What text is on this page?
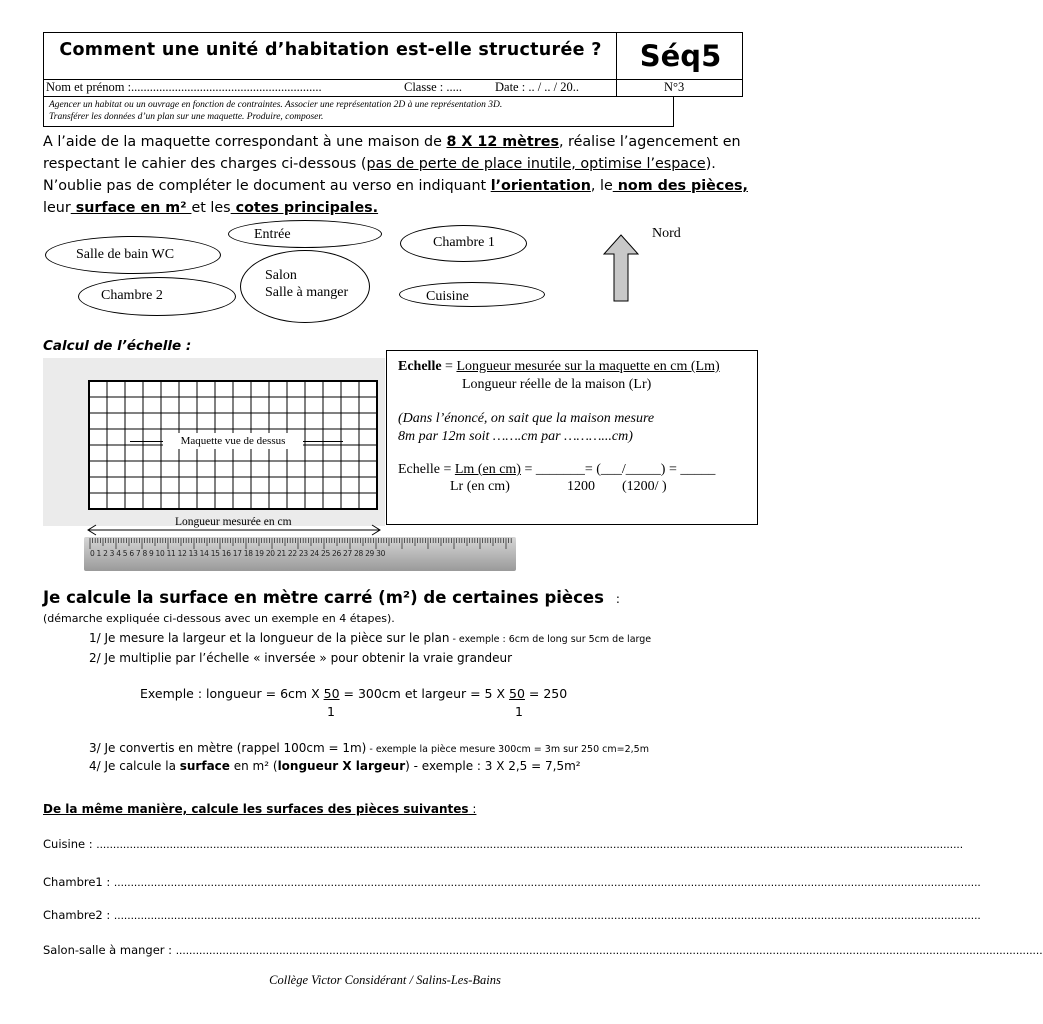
Comment une unité d’habitation est-elle structurée ?	Séq5
Nom et prénom :.............................................................	Classe : .....	Date : .. / .. / 20..	N°3
Agencer un habitat ou un ouvrage en fonction de contraintes. Associer une représentation 2D à une représentation 3D.
Transférer les données d’un plan sur une maquette. Produire, composer.
A l’aide de la maquette correspondant à une maison de 8 X 12 mètres, réalise l’agencement en
respectant le cahier des charges ci-dessous (pas de perte de place inutile, optimise l’espace).
N’oublie pas de compléter le document au verso en indiquant l’orientation, le nom des pièces,
leur surface en m² et les cotes principales.
Entrée
Salle de bain WC
Chambre 1
Salon
Salle à manger
Chambre 2	Cuisine
Nord
Calcul de l’échelle :
Maquette vue de dessus
Longueur mesurée en cm
0 1 2 3 4 5 6 7 8 9 10 11 12 13 14 15 16 17 18 19 20 21 22 23 24 25 26 27 28 29 30
Echelle = Longueur mesurée sur la maquette en cm (Lm)
Longueur réelle de la maison (Lr)
(Dans l’énoncé, on sait que la maison mesure
8m par 12m soit …….cm par ………...cm)
Echelle = Lm (en cm) = _______= (___/_____) = _____
Lr (en cm)	1200 (1200/ )
Je calcule la surface en mètre carré (m²) de certaines pièces :
(démarche expliquée ci-dessous avec un exemple en 4 étapes).
1/ Je mesure la largeur et la longueur de la pièce sur le plan - exemple : 6cm de long sur 5cm de large
2/ Je multiplie par l’échelle « inversée » pour obtenir la vraie grandeur
Exemple : longueur = 6cm X 50 = 300cm et largeur = 5 X 50 = 250
1	1
3/ Je convertis en mètre (rappel 100cm = 1m) - exemple la pièce mesure 300cm = 3m sur 250 cm=2,5m
4/ Je calcule la surface en m² (longueur X largeur) - exemple : 3 X 2,5 = 7,5m²
De la même manière, calcule les surfaces des pièces suivantes :
Cuisine : ....................................................................................................................................................................................................................................................................
Chambre1 : ....................................................................................................................................................................................................................................................................
Chambre2 : ....................................................................................................................................................................................................................................................................
Salon-salle à manger : ....................................................................................................................................................................................................................................................................
Collège Victor Considérant / Salins-Les-Bains
